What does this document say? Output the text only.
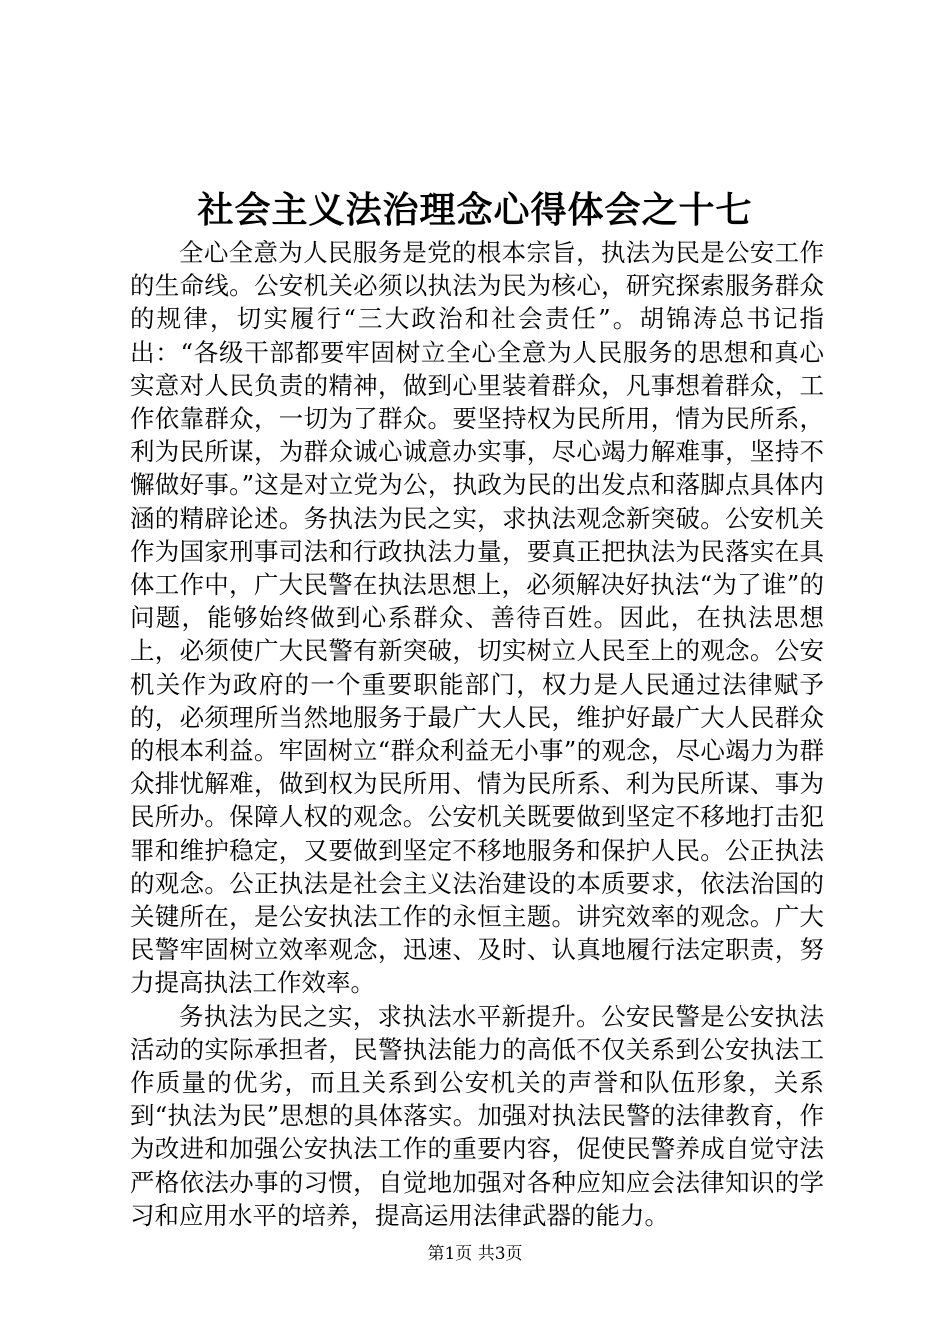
社会主义法治理念心得体会之十七

全心全意为人民服务是党的根本宗旨，执法为民是公安工作的生命线。公安机关必须以执法为民为核心，研究探索服务群众的规律，切实履行“三大政治和社会责任”。胡锦涛总书记指出：“各级干部都要牢固树立全心全意为人民服务的思想和真心实意对人民负责的精神，做到心里装着群众，凡事想着群众，工作依靠群众，一切为了群众。要坚持权为民所用，情为民所系，利为民所谋，为群众诚心诚意办实事，尽心竭力解难事，坚持不懈做好事。”这是对立党为公，执政为民的出发点和落脚点具体内涵的精辟论述。务执法为民之实，求执法观念新突破。公安机关作为国家刑事司法和行政执法力量，要真正把执法为民落实在具体工作中，广大民警在执法思想上，必须解决好执法“为了谁”的问题，能够始终做到心系群众、善待百姓。因此，在执法思想上，必须使广大民警有新突破，切实树立人民至上的观念。公安机关作为政府的一个重要职能部门，权力是人民通过法律赋予的，必须理所当然地服务于最广大人民，维护好最广大人民群众的根本利益。牢固树立“群众利益无小事”的观念，尽心竭力为群众排忧解难，做到权为民所用、情为民所系、利为民所谋、事为民所办。保障人权的观念。公安机关既要做到坚定不移地打击犯罪和维护稳定，又要做到坚定不移地服务和保护人民。公正执法的观念。公正执法是社会主义法治建设的本质要求，依法治国的关键所在，是公安执法工作的永恒主题。讲究效率的观念。广大民警牢固树立效率观念，迅速、及时、认真地履行法定职责，努力提高执法工作效率。

务执法为民之实，求执法水平新提升。公安民警是公安执法活动的实际承担者，民警执法能力的高低不仅关系到公安执法工作质量的优劣，而且关系到公安机关的声誉和队伍形象，关系到“执法为民”思想的具体落实。加强对执法民警的法律教育，作为改进和加强公安执法工作的重要内容，促使民警养成自觉守法严格依法办事的习惯，自觉地加强对各种应知应会法律知识的学习和应用水平的培养，提高运用法律武器的能力。

第1页 共3页
